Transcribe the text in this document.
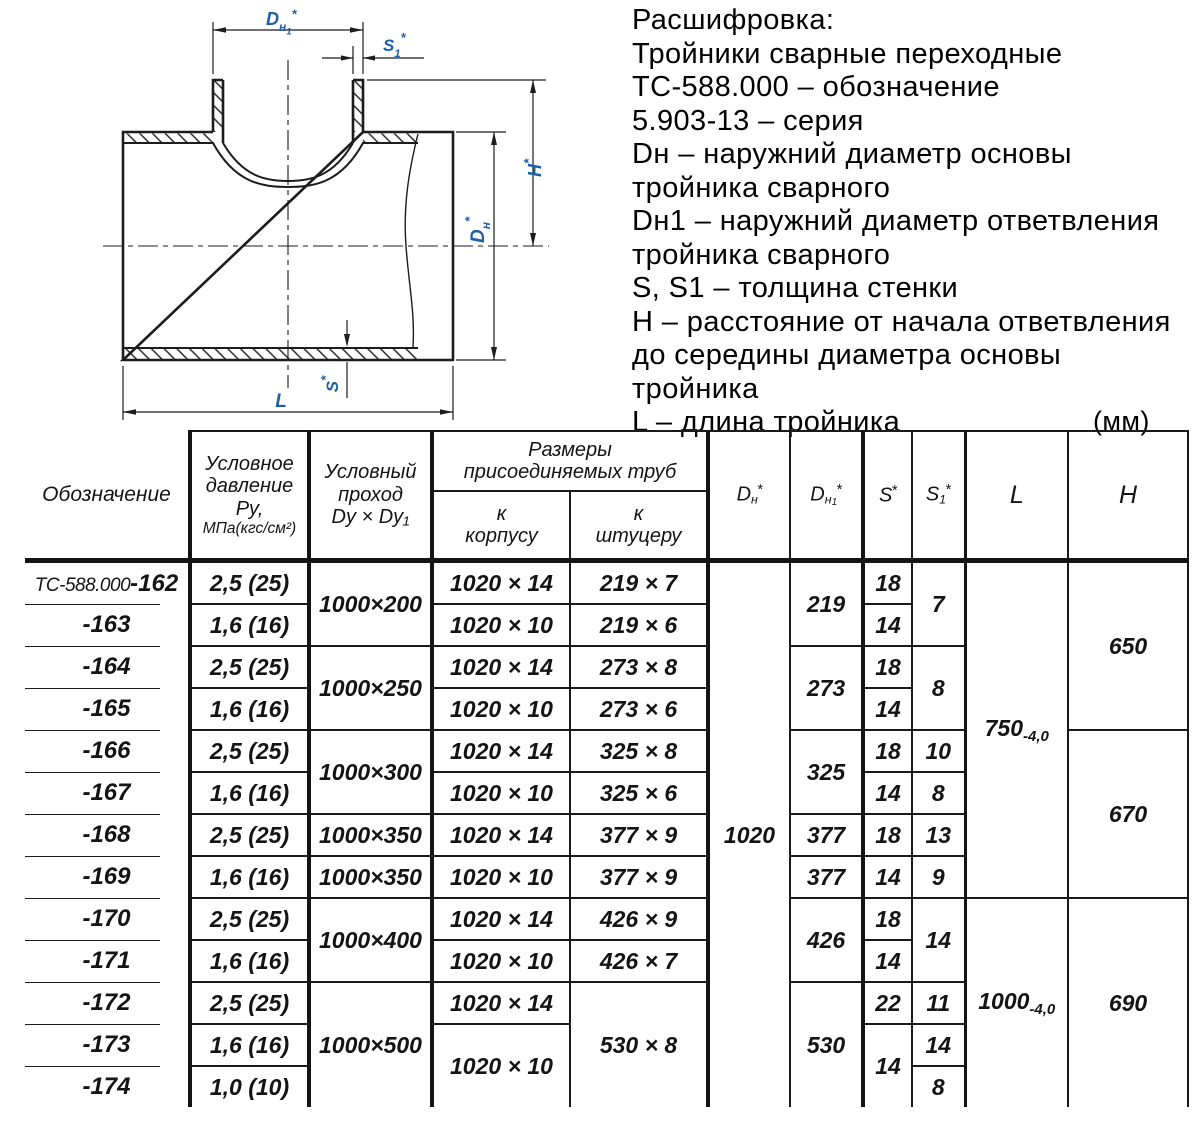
$D_н1^*$
$S_1^*$
H*
$D_н^*$
S*
L
Расшифровка:
Тройники сварные переходные
ТС-588.000 – обозначение
5.903-13 – серия
Dн – наружний диаметр основы
тройника сварного
Dн1 – наружний диаметр ответвления
тройника сварного
S, S1 – толщина стенки
H – расстояние от начала ответвления
до середины диаметра основы тройника
L – длина тройника	(мм)
Обозначение	
Условное
давление
Ру,
МПа(кгс/см²)

Условный
проход
Dу × Dу₁

Размеры
присоединяемых труб
	Dн*	$Dн_1^*$	S*	S1*	L	H

к
корпусу

к
штуцеру

ТС-588.000-162	2,5 (25)	1000×200	1020 × 14	219 × 7	1020	219	18	7	$750_{-4,0}$	650
-163	1,6 (16)		1020 × 10	219 × 6			14			
-164	2,5 (25)	1000×250	1020 × 14	273 × 8		273	18	8		
-165	1,6 (16)		1020 × 10	273 × 6			14			
-166	2,5 (25)	1000×300	1020 × 14	325 × 8		325	18	10		670
-167	1,6 (16)		1020 × 10	325 × 6			14	8		
-168	2,5 (25)	1000×350	1020 × 14	377 × 9		377	18	13		
-169	1,6 (16)	1000×350	1020 × 10	377 × 9		377	14	9		
-170	2,5 (25)	1000×400	1020 × 14	426 × 9		426	18	14	$1000_{-4,0}$	690
-171	1,6 (16)		1020 × 10	426 × 7			14			
-172	2,5 (25)	1000×500	1020 × 14	530 × 8		530	22	11		
-173	1,6 (16)		1020 × 10				14	14		
-174	1,0 (10)							8		
